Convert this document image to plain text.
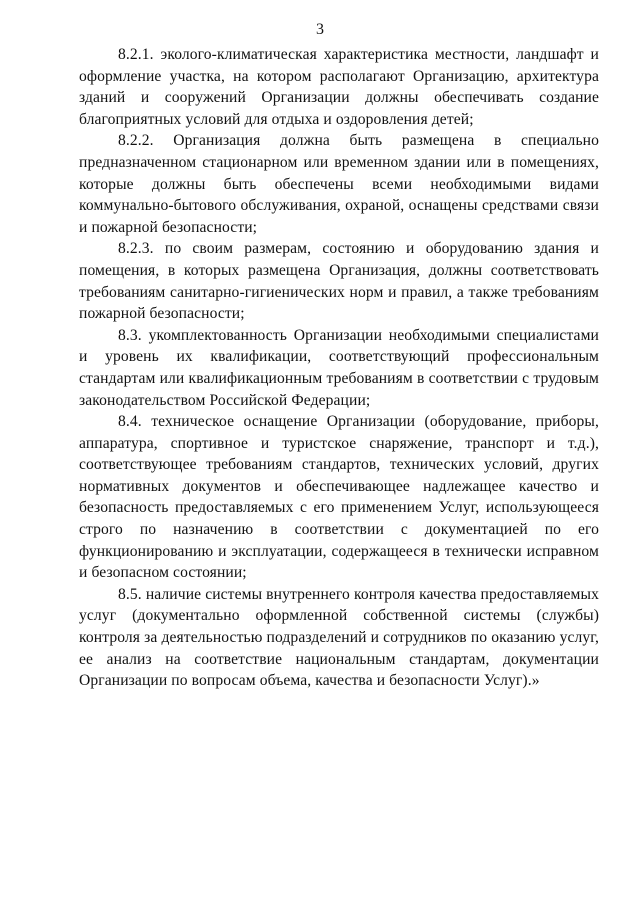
3

8.2.1. эколого-климатическая характеристика местности, ландшафт и оформление участка, на котором располагают Организацию, архитектура зданий и сооружений Организации должны обеспечивать создание благоприятных условий для отдыха и оздоровления детей;

8.2.2. Организация должна быть размещена в специально предназначенном стационарном или временном здании или в помещениях, которые должны быть обеспечены всеми необходимыми видами коммунально-бытового обслуживания, охраной, оснащены средствами связи и пожарной безопасности;

8.2.3. по своим размерам, состоянию и оборудованию здания и помещения, в которых размещена Организация, должны соответствовать требованиям санитарно-гигиенических норм и правил, а также требованиям пожарной безопасности;

8.3. укомплектованность Организации необходимыми специалистами и уровень их квалификации, соответствующий профессиональным стандартам или квалификационным требованиям в соответствии с трудовым законодательством Российской Федерации;

8.4. техническое оснащение Организации (оборудование, приборы, аппаратура, спортивное и туристское снаряжение, транспорт и т.д.), соответствующее требованиям стандартов, технических условий, других нормативных документов и обеспечивающее надлежащее качество и безопасность предоставляемых с его применением Услуг, использующееся строго по назначению в соответствии с документацией по его функционированию и эксплуатации, содержащееся в технически исправном и безопасном состоянии;

8.5. наличие системы внутреннего контроля качества предоставляемых услуг (документально оформленной собственной системы (службы) контроля за деятельностью подразделений и сотрудников по оказанию услуг, ее анализ на соответствие национальным стандартам, документации Организации по вопросам объема, качества и безопасности Услуг).»
